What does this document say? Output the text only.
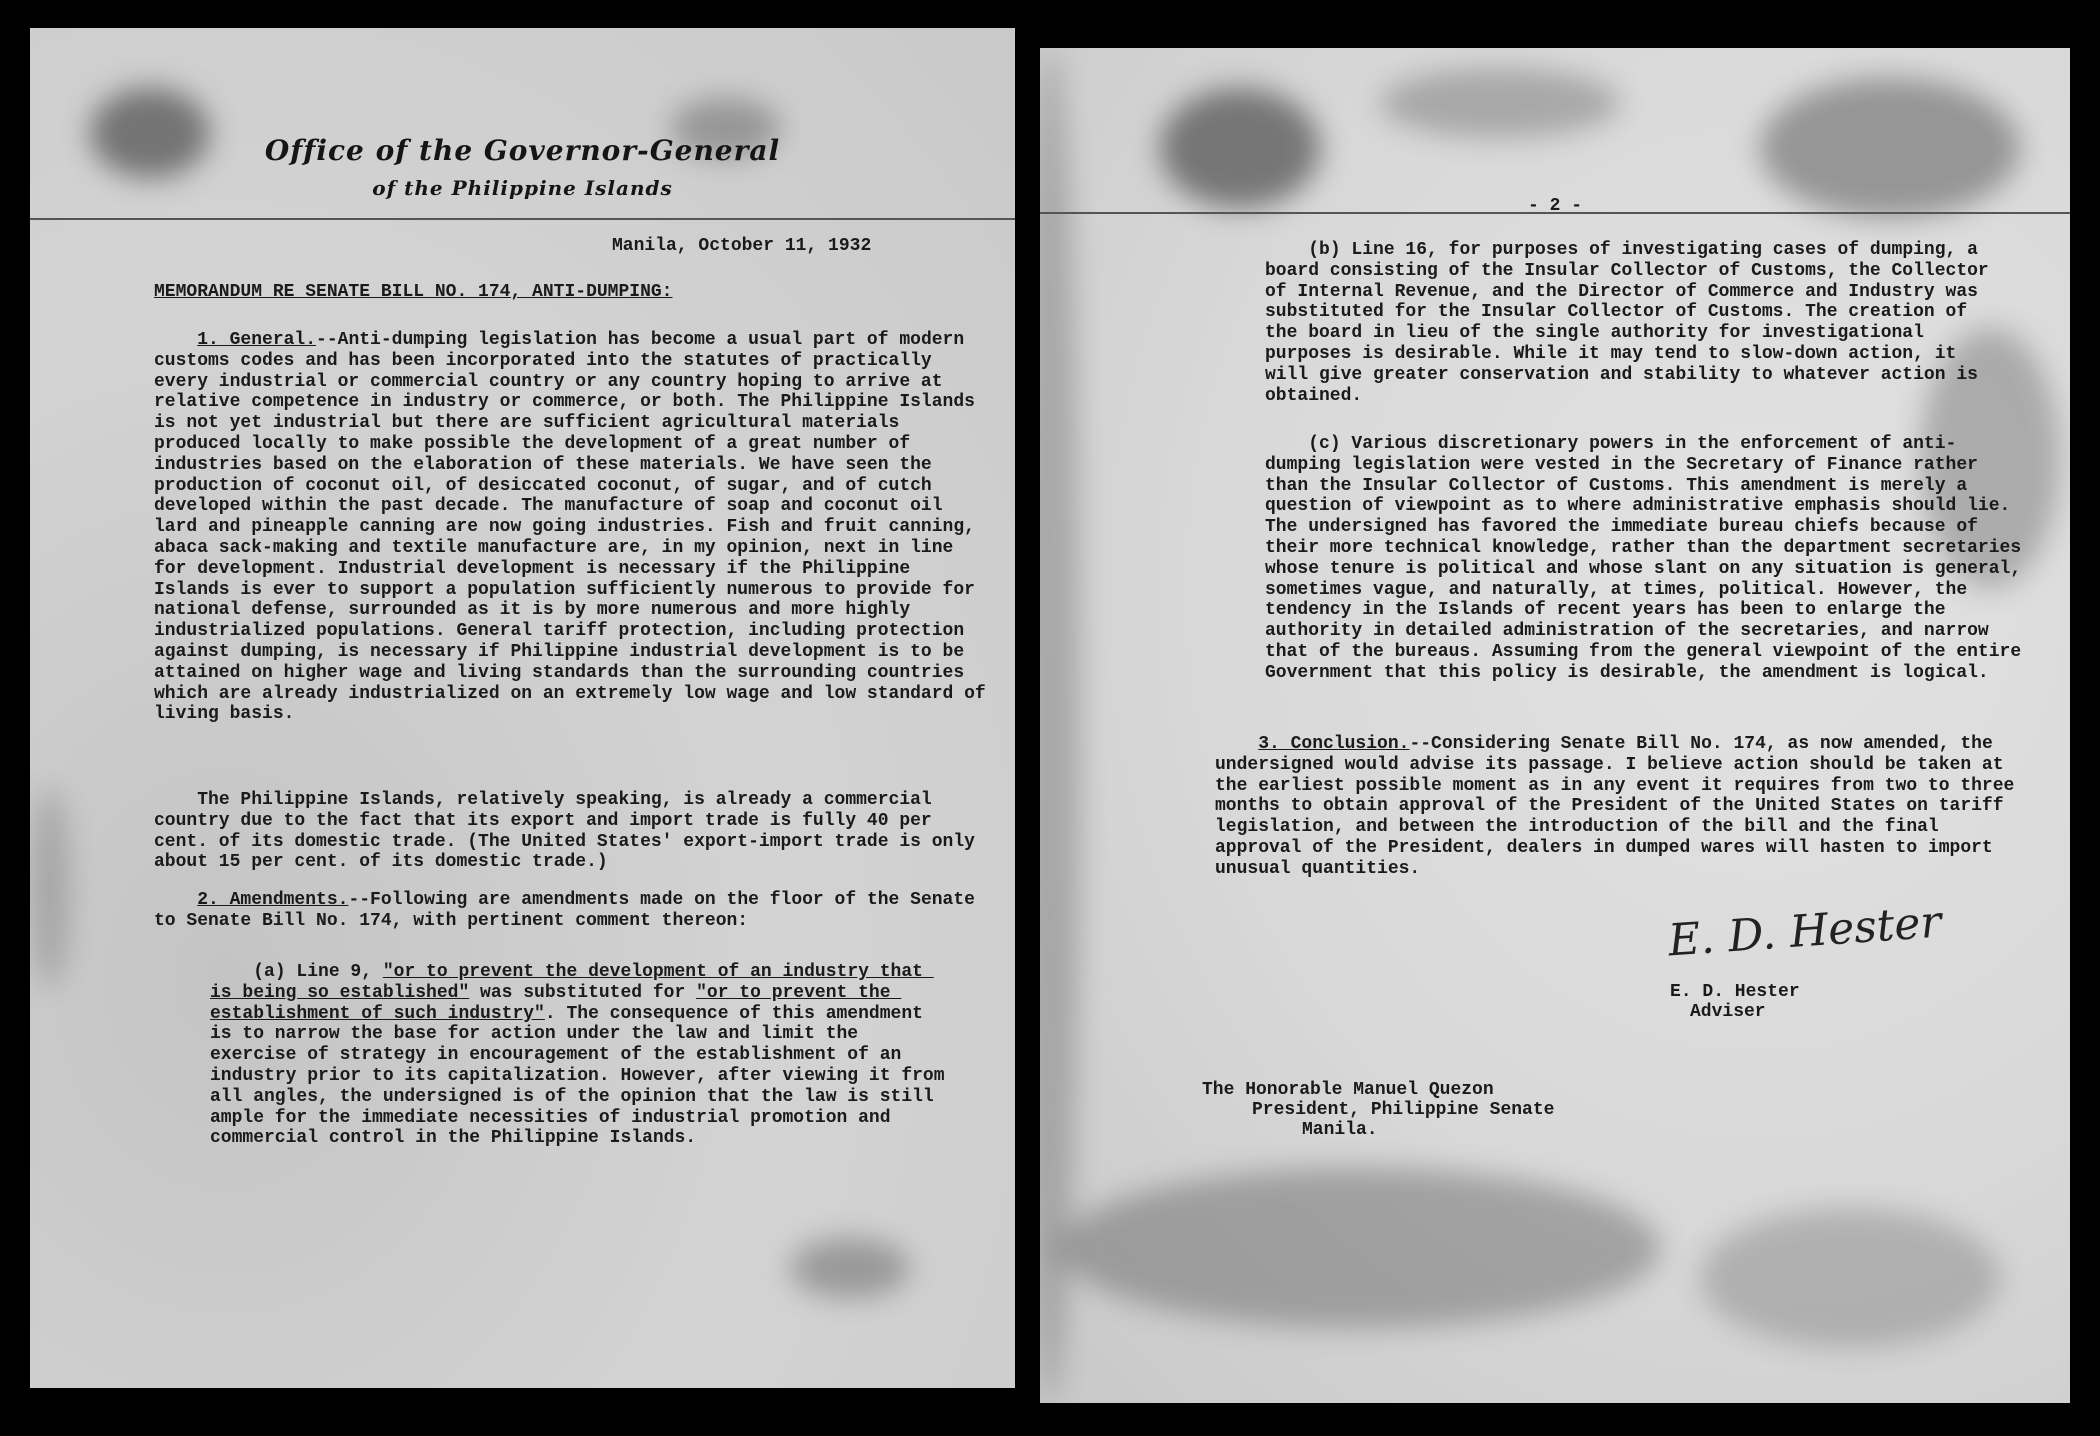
Office of the Governor-General
of the Philippine Islands
Manila, October 11, 1932
MEMORANDUM RE SENATE BILL NO. 174, ANTI-DUMPING:
1. General.--Anti-dumping legislation has become a usual part of modern customs codes and has been incorporated into the statutes of practically every industrial or commercial country or any country hoping to arrive at relative competence in industry or commerce, or both. The Philippine Islands is not yet industrial but there are sufficient agricultural materials produced locally to make possible the development of a great number of industries based on the elaboration of these materials. We have seen the production of coconut oil, of desiccated coconut, of sugar, and of cutch developed within the past decade. The manufacture of soap and coconut oil lard and pineapple canning are now going industries. Fish and fruit canning, abaca sack-making and textile manufacture are, in my opinion, next in line for development. Industrial development is necessary if the Philippine Islands is ever to support a population sufficiently numerous to provide for national defense, surrounded as it is by more numerous and more highly industrialized populations. General tariff protection, including protection against dumping, is necessary if Philippine industrial development is to be attained on higher wage and living standards than the surrounding countries which are already industrialized on an extremely low wage and low standard of living basis.
The Philippine Islands, relatively speaking, is already a commercial country due to the fact that its export and import trade is fully 40 per cent. of its domestic trade. (The United States' export-import trade is only about 15 per cent. of its domestic trade.)
2. Amendments.--Following are amendments made on the floor of the Senate to Senate Bill No. 174, with pertinent comment thereon:
(a) Line 9, "or to prevent the development of an industry that is being so established" was substituted for "or to prevent the establishment of such industry". The consequence of this amendment is to narrow the base for action under the law and limit the exercise of strategy in encouragement of the establishment of an industry prior to its capitalization. However, after viewing it from all angles, the undersigned is of the opinion that the law is still ample for the immediate necessities of industrial promotion and commercial control in the Philippine Islands.
- 2 -
(b) Line 16, for purposes of investigating cases of dumping, a board consisting of the Insular Collector of Customs, the Collector of Internal Revenue, and the Director of Commerce and Industry was substituted for the Insular Collector of Customs. The creation of the board in lieu of the single authority for investigational purposes is desirable. While it may tend to slow-down action, it will give greater conservation and stability to whatever action is obtained.
(c) Various discretionary powers in the enforcement of anti-dumping legislation were vested in the Secretary of Finance rather than the Insular Collector of Customs. This amendment is merely a question of viewpoint as to where administrative emphasis should lie. The undersigned has favored the immediate bureau chiefs because of their more technical knowledge, rather than the department secretaries whose tenure is political and whose slant on any situation is general, sometimes vague, and naturally, at times, political. However, the tendency in the Islands of recent years has been to enlarge the authority in detailed administration of the secretaries, and narrow that of the bureaus. Assuming from the general viewpoint of the entire Government that this policy is desirable, the amendment is logical.
3. Conclusion.--Considering Senate Bill No. 174, as now amended, the undersigned would advise its passage. I believe action should be taken at the earliest possible moment as in any event it requires from two to three months to obtain approval of the President of the United States on tariff legislation, and between the introduction of the bill and the final approval of the President, dealers in dumped wares will hasten to import unusual quantities.
E. D. Hester
E. D. Hester
Adviser
The Honorable Manuel Quezon
President, Philippine Senate
Manila.
